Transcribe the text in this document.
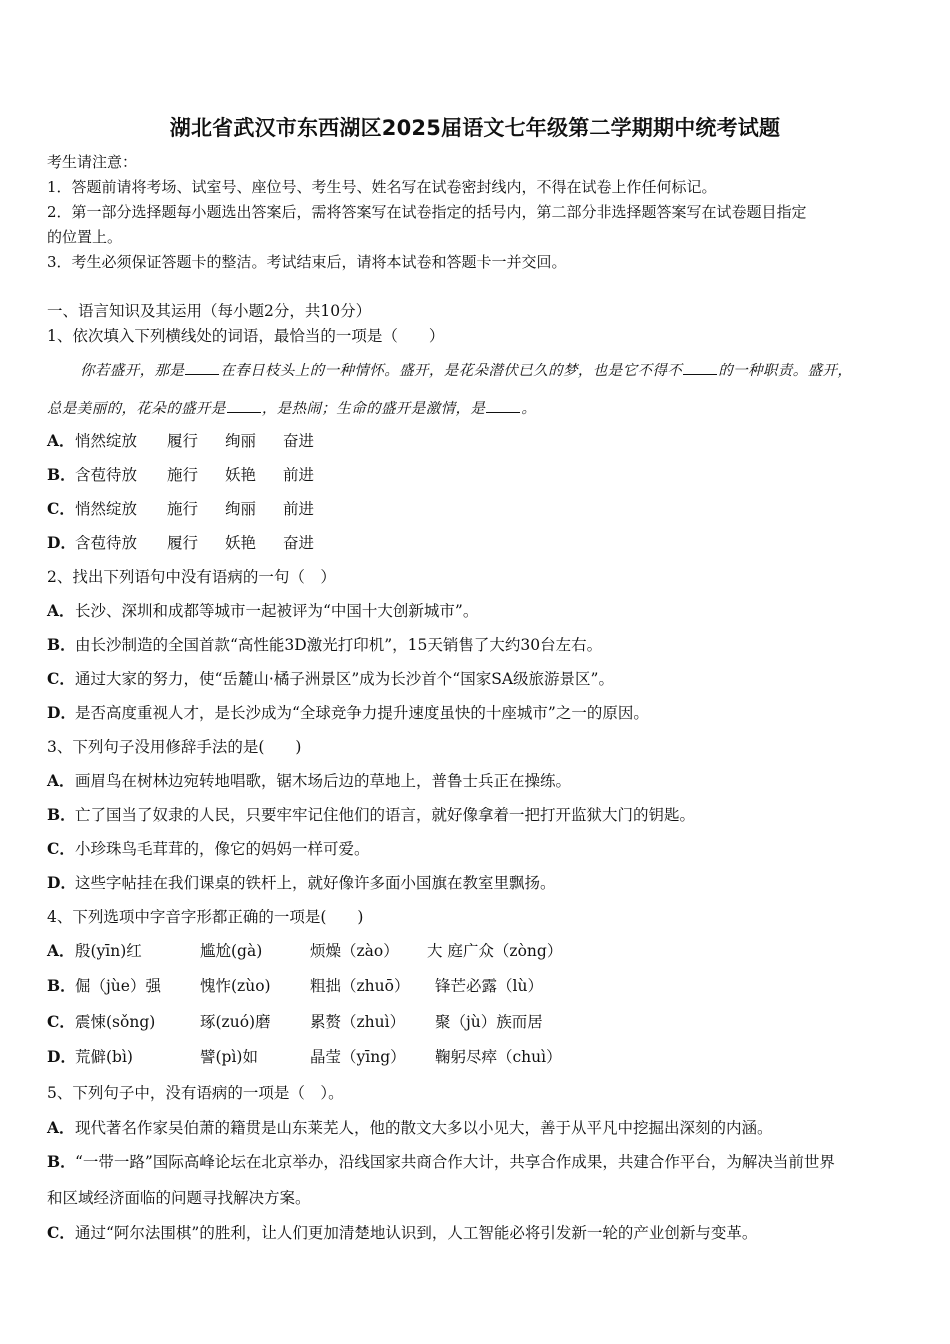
湖北省武汉市东西湖区2025届语文七年级第二学期期中统考试题
考生请注意：
1．答题前请将考场、试室号、座位号、考生号、姓名写在试卷密封线内，不得在试卷上作任何标记。
2．第一部分选择题每小题选出答案后，需将答案写在试卷指定的括号内，第二部分非选择题答案写在试卷题目指定
的位置上。
3．考生必须保证答题卡的整洁。考试结束后，请将本试卷和答题卡一并交回。
一、语言知识及其运用（每小题2分，共10分）
1、依次填入下列横线处的词语，最恰当的一项是（　　）
你若盛开，那是 在春日枝头上的一种情怀。盛开，是花朵潜伏已久的梦，也是它不得不 的一种职责。盛开，
总是美丽的，花朵的盛开是 ，是热闹；生命的盛开是激情，是 。
A．悄然绽放 履行 绚丽 奋进
B．含苞待放 施行 妖艳 前进
C．悄然绽放 施行 绚丽 前进
D．含苞待放 履行 妖艳 奋进
2、找出下列语句中没有语病的一句（　）
A．长沙、深圳和成都等城市一起被评为“中国十大创新城市”。
B．由长沙制造的全国首款“高性能3D激光打印机”，15天销售了大约30台左右。
C．通过大家的努力，使“岳麓山·橘子洲景区”成为长沙首个“国家SA级旅游景区”。
D．是否高度重视人才，是长沙成为“全球竞争力提升速度虽快的十座城市”之一的原因。
3、下列句子没用修辞手法的是(　　)
A．画眉鸟在树林边宛转地唱歌，锯木场后边的草地上，普鲁士兵正在操练。
B．亡了国当了奴隶的人民，只要牢牢记住他们的语言，就好像拿着一把打开监狱大门的钥匙。
C．小珍珠鸟毛茸茸的，像它的妈妈一样可爱。
D．这些字帖挂在我们课桌的铁杆上，就好像许多面小国旗在教室里飘扬。
4、下列选项中字音字形都正确的一项是(　　)
A．殷(yīn)红	尴尬(gà)	烦燥（zào） 大 庭广众（zòng）
B．倔（jùe）强	愧怍(zùo)	粗拙（zhuō） 锋芒必露（lù）
C．震悚(sǒng)	琢(zuó)磨	累赘（zhuì） 聚（jù）族而居
D．荒僻(bì)	譬(pì)如	晶莹（yīng） 鞠躬尽瘁（chuì）
5、下列句子中，没有语病的一项是（　）。
A．现代著名作家吴伯萧的籍贯是山东莱芜人，他的散文大多以小见大，善于从平凡中挖掘出深刻的内涵。
B．“一带一路”国际高峰论坛在北京举办，沿线国家共商合作大计，共享合作成果，共建合作平台，为解决当前世界
和区域经济面临的问题寻找解决方案。
C．通过“阿尔法围棋”的胜利，让人们更加清楚地认识到，人工智能必将引发新一轮的产业创新与变革。
